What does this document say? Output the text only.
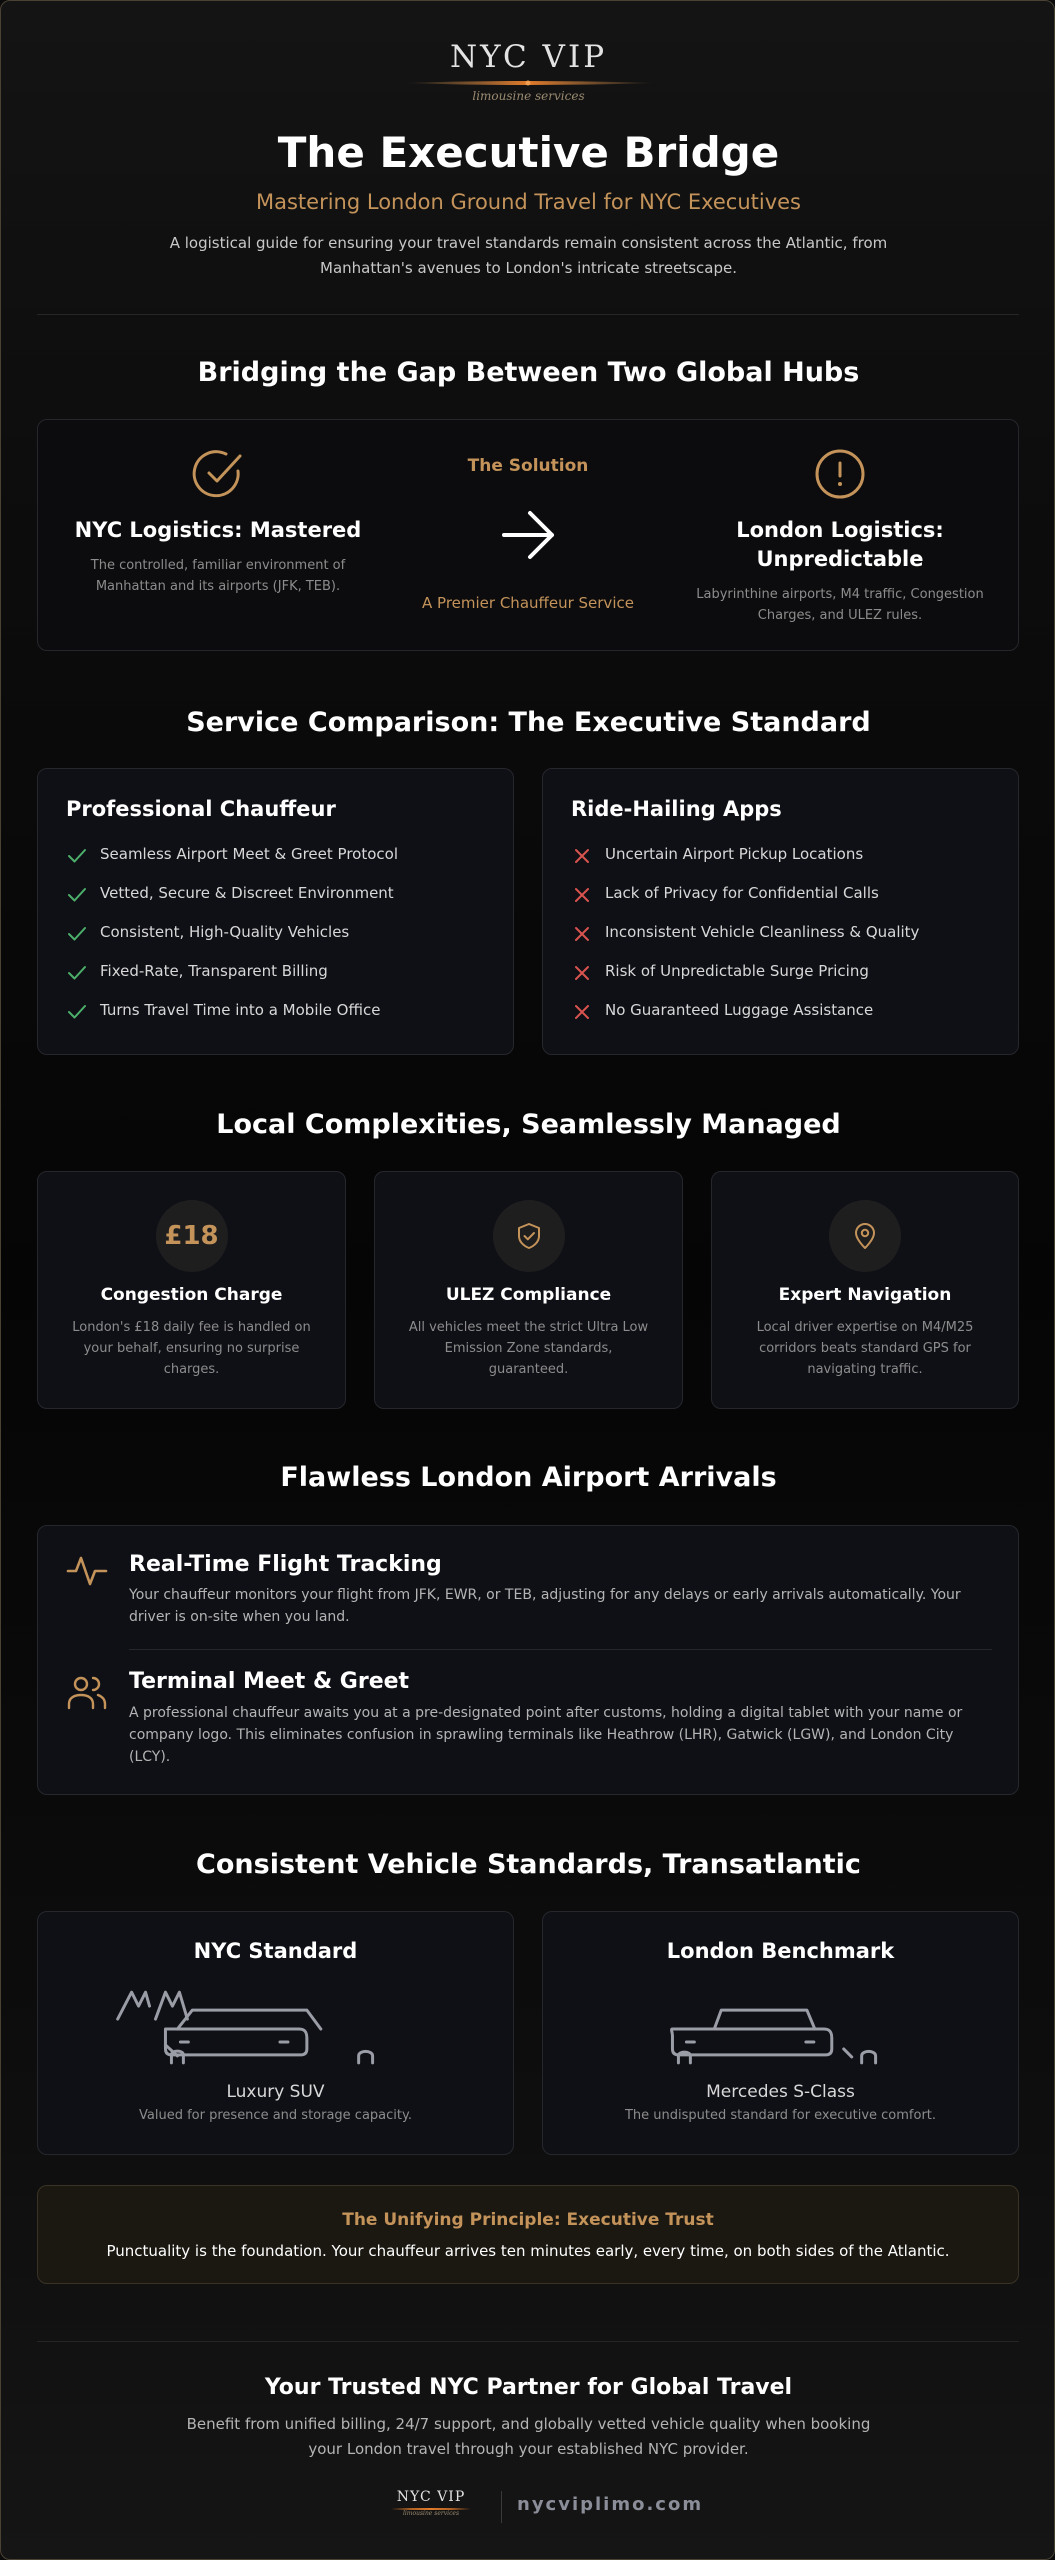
NYC VIP
limousine services
The Executive Bridge
Mastering London Ground Travel for NYC Executives
A logistical guide for ensuring your travel standards remain consistent across the Atlantic, from Manhattan's avenues to London's intricate streetscape.
Bridging the Gap Between Two Global Hubs
NYC Logistics: Mastered
The controlled, familiar environment of Manhattan and its airports (JFK, TEB).
The Solution
A Premier Chauffeur Service
London Logistics: Unpredictable
Labyrinthine airports, M4 traffic, Congestion Charges, and ULEZ rules.
Service Comparison: The Executive Standard
Professional Chauffeur
Seamless Airport Meet & Greet Protocol
Vetted, Secure & Discreet Environment
Consistent, High-Quality Vehicles
Fixed-Rate, Transparent Billing
Turns Travel Time into a Mobile Office
Ride-Hailing Apps
Uncertain Airport Pickup Locations
Lack of Privacy for Confidential Calls
Inconsistent Vehicle Cleanliness & Quality
Risk of Unpredictable Surge Pricing
No Guaranteed Luggage Assistance
Local Complexities, Seamlessly Managed
£18
Congestion Charge
London's £18 daily fee is handled on your behalf, ensuring no surprise charges.
ULEZ Compliance
All vehicles meet the strict Ultra Low Emission Zone standards, guaranteed.
Expert Navigation
Local driver expertise on M4/M25 corridors beats standard GPS for navigating traffic.
Flawless London Airport Arrivals
Real-Time Flight Tracking
Your chauffeur monitors your flight from JFK, EWR, or TEB, adjusting for any delays or early arrivals automatically. Your driver is on-site when you land.
Terminal Meet & Greet
A professional chauffeur awaits you at a pre-designated point after customs, holding a digital tablet with your name or company logo. This eliminates confusion in sprawling terminals like Heathrow (LHR), Gatwick (LGW), and London City (LCY).
Consistent Vehicle Standards, Transatlantic
NYC Standard
Luxury SUV
Valued for presence and storage capacity.
London Benchmark
Mercedes S-Class
The undisputed standard for executive comfort.
The Unifying Principle: Executive Trust
Punctuality is the foundation. Your chauffeur arrives ten minutes early, every time, on both sides of the Atlantic.
Your Trusted NYC Partner for Global Travel
Benefit from unified billing, 24/7 support, and globally vetted vehicle quality when booking your London travel through your established NYC provider.
NYC VIP
limousine services	nycviplimo.com
